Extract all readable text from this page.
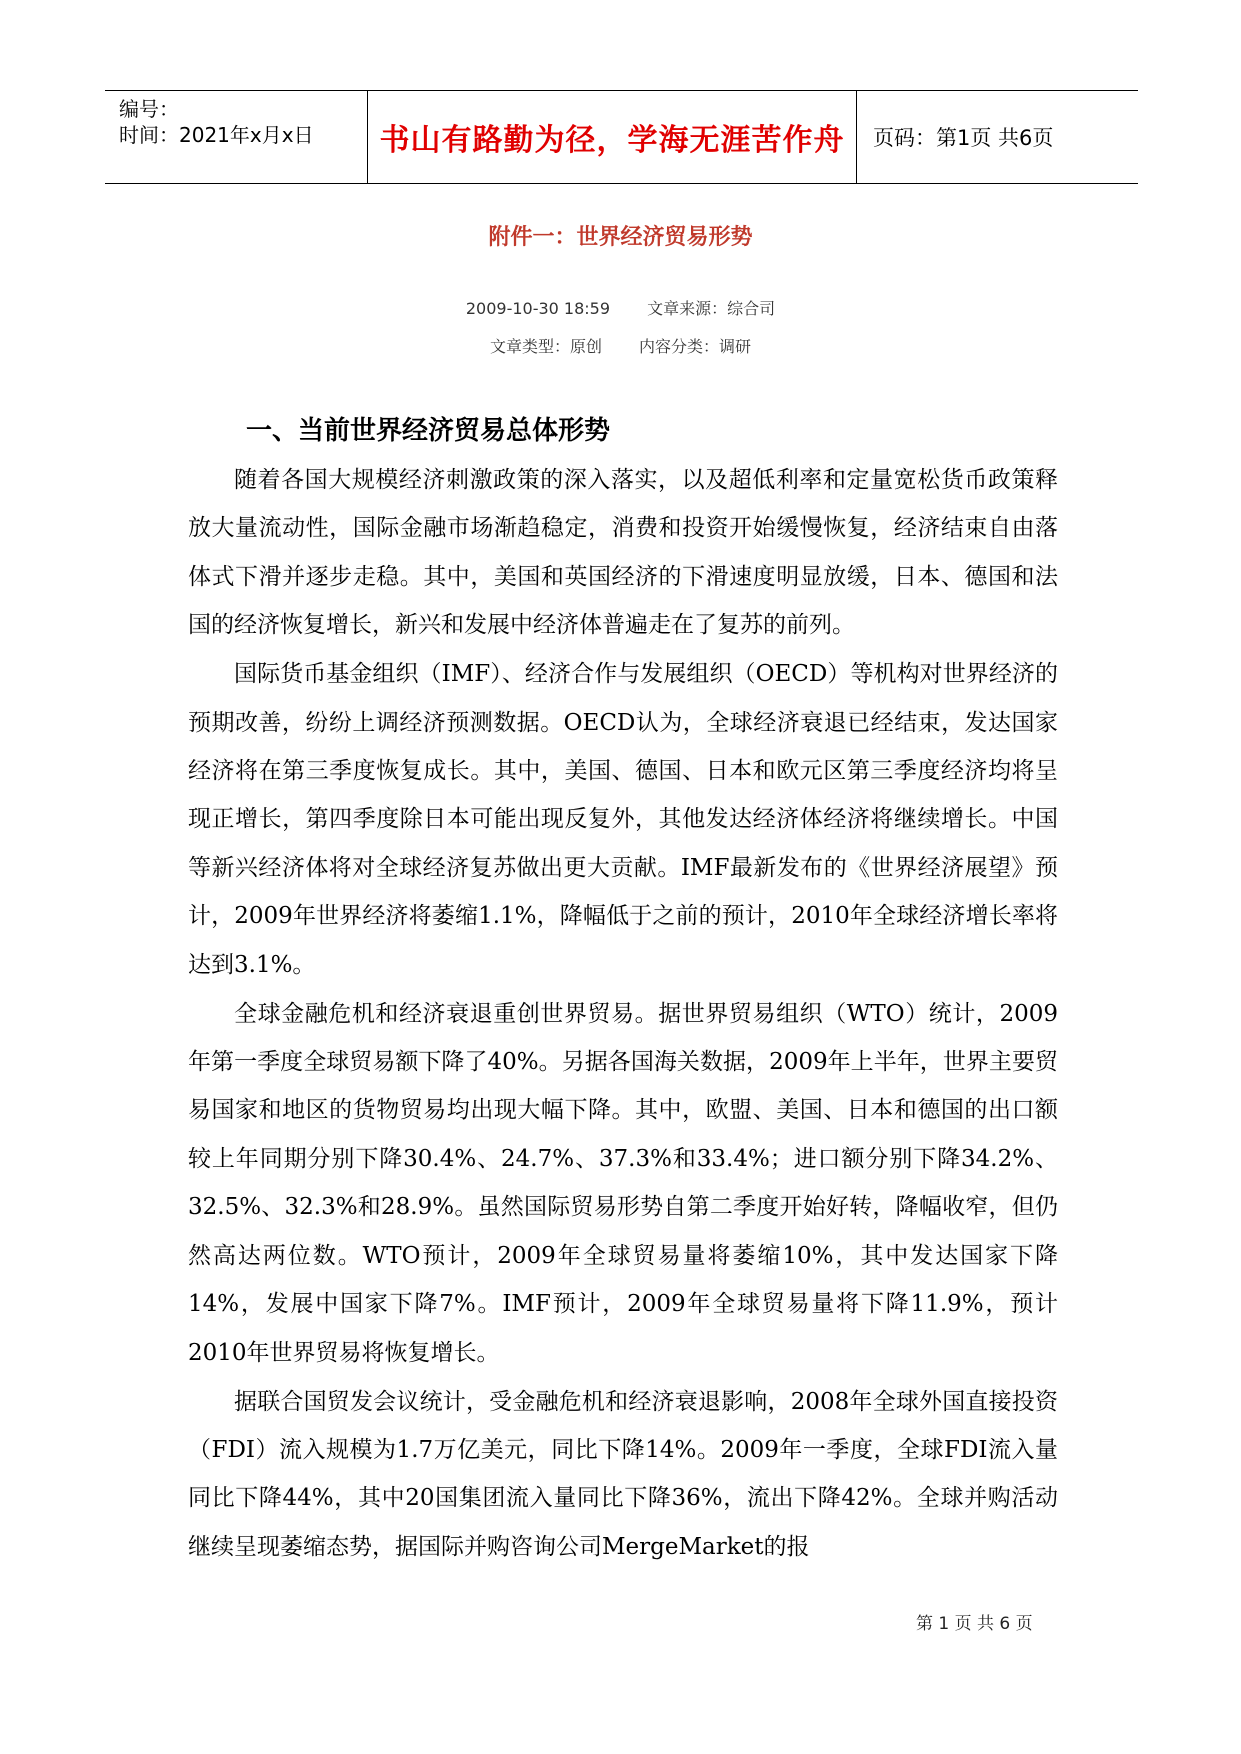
编号：
时间：2021年x月x日 书山有路勤为径，学海无涯苦作舟 页码：第1页 共6页
附件一：世界经济贸易形势
2009-10-30 18:59 文章来源：综合司
文章类型：原创 内容分类：调研
一、当前世界经济贸易总体形势

随着各国大规模经济刺激政策的深入落实，以及超低利率和定量宽松货币政策释放大量流动性，国际金融市场渐趋稳定，消费和投资开始缓慢恢复，经济结束自由落体式下滑并逐步走稳。其中，美国和英国经济的下滑速度明显放缓，日本、德国和法国的经济恢复增长，新兴和发展中经济体普遍走在了复苏的前列。

国际货币基金组织（IMF）、经济合作与发展组织（OECD）等机构对世界经济的预期改善，纷纷上调经济预测数据。OECD认为，全球经济衰退已经结束，发达国家经济将在第三季度恢复成长。其中，美国、德国、日本和欧元区第三季度经济均将呈现正增长，第四季度除日本可能出现反复外，其他发达经济体经济将继续增长。中国等新兴经济体将对全球经济复苏做出更大贡献。IMF最新发布的《世界经济展望》预计，2009年世界经济将萎缩1.1%，降幅低于之前的预计，2010年全球经济增长率将达到3.1%。

全球金融危机和经济衰退重创世界贸易。据世界贸易组织（WTO）统计，2009年第一季度全球贸易额下降了40%。另据各国海关数据，2009年上半年，世界主要贸易国家和地区的货物贸易均出现大幅下降。其中，欧盟、美国、日本和德国的出口额较上年同期分别下降30.4%、24.7%、37.3%和33.4%；进口额分别下降34.2%、32.5%、32.3%和28.9%。虽然国际贸易形势自第二季度开始好转，降幅收窄，但仍然高达两位数。WTO预计，2009年全球贸易量将萎缩10%，其中发达国家下降14%，发展中国家下降7%。IMF预计，2009年全球贸易量将下降11.9%，预计2010年世界贸易将恢复增长。

据联合国贸发会议统计，受金融危机和经济衰退影响，2008年全球外国直接投资（FDI）流入规模为1.7万亿美元，同比下降14%。2009年一季度，全球FDI流入量同比下降44%，其中20国集团流入量同比下降36%，流出下降42%。全球并购活动继续呈现萎缩态势，据国际并购咨询公司MergeMarket的报

第 1 页 共 6 页
